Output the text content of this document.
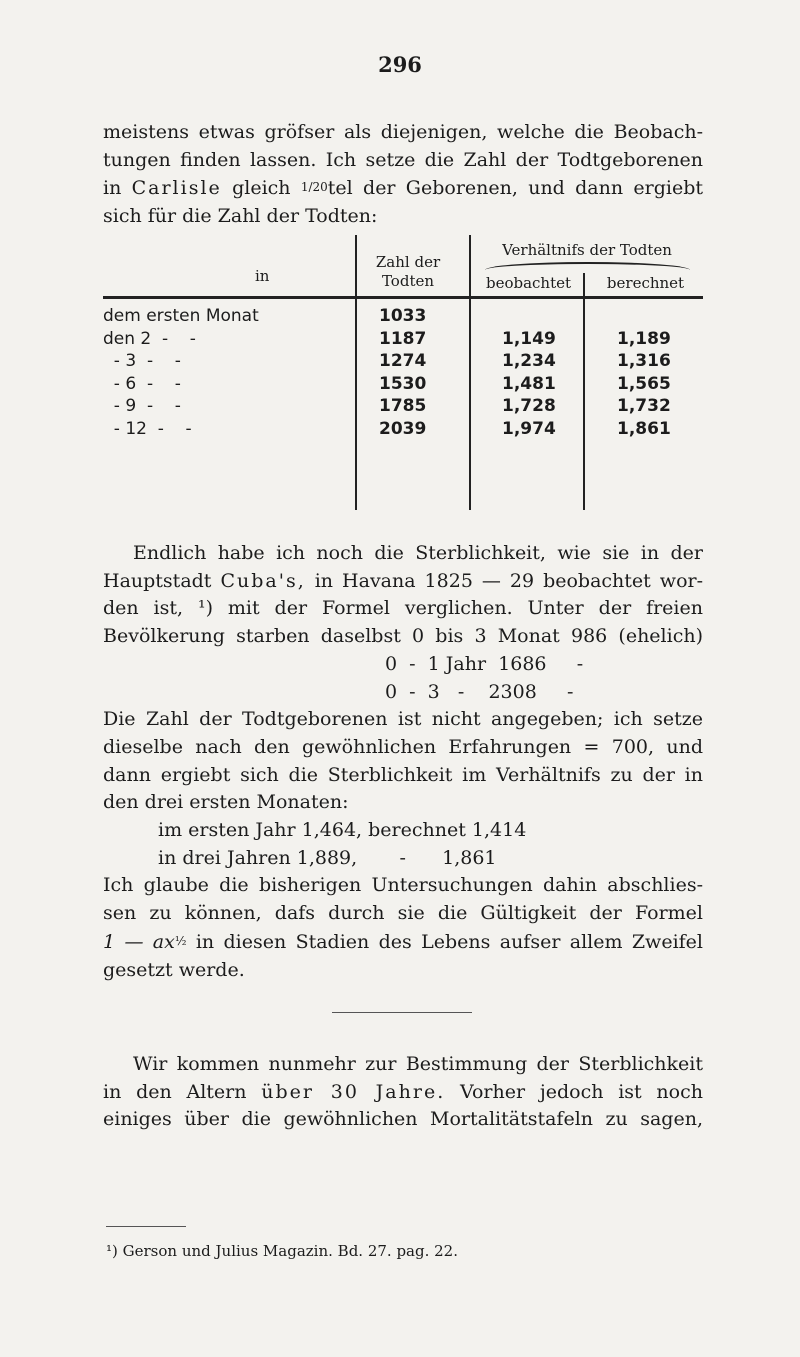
296
meistens etwas gröfser als diejenigen, welche die Beobach-
tungen finden lassen. Ich setze die Zahl der Todtgeborenen
in Carlisle gleich 1/20tel der Geborenen, und dann ergiebt
sich für die Zahl der Todten:
in
Zahl der
Todten
Verhältnifs der Todten
beobachtet	berechnet
dem ersten Monat
den 2  -    -
- 3  -    -
- 6  -    -
- 9  -    -
- 12  -    -
1033
1187
1274
1530
1785
2039
1,149
1,234
1,481
1,728
1,974
1,189
1,316
1,565
1,732
1,861
Endlich habe ich noch die Sterblichkeit, wie sie in der
Hauptstadt Cuba's, in Havana 1825 — 29 beobachtet wor-
den ist, ¹) mit der Formel verglichen. Unter der freien
Bevölkerung starben daselbst 0 bis 3 Monat 986 (ehelich)
0  -  1 Jahr  1686     -
0  -  3   -    2308     -
Die Zahl der Todtgeborenen ist nicht angegeben; ich setze
dieselbe nach den gewöhnlichen Erfahrungen = 700, und
dann ergiebt sich die Sterblichkeit im Verhältnifs zu der in
den drei ersten Monaten:
im ersten Jahr 1,464, berechnet 1,414
in drei Jahren 1,889,       -      1,861
Ich glaube die bisherigen Untersuchungen dahin abschlies-
sen zu können, dafs durch sie die Gültigkeit der Formel
1 — $ax^{\frac{1}{2}}$ in diesen Stadien des Lebens aufser allem Zweifel
gesetzt werde.
Wir kommen nunmehr zur Bestimmung der Sterblichkeit
in den Altern über 30 Jahre. Vorher jedoch ist noch
einiges über die gewöhnlichen Mortalitätstafeln zu sagen,
¹) Gerson und Julius Magazin. Bd. 27. pag. 22.
